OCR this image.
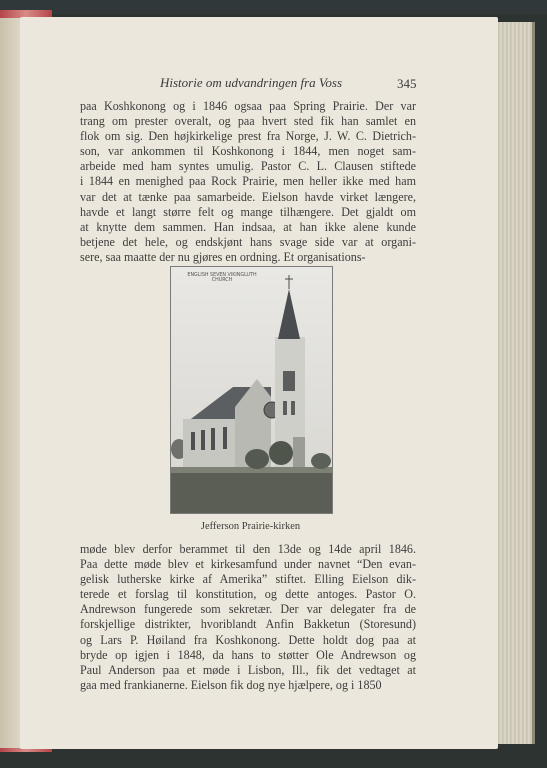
Historie om udvandringen fra Voss	345

paa Koshkonong og i 1846 ogsaa paa Spring Prairie. Der var
trang om prester overalt, og paa hvert sted fik han samlet en
flok om sig. Den højkirkelige prest fra Norge, J. W. C. Dietrich-
son, var ankommen til Koshkonong i 1844, men noget sam-
arbeide med ham syntes umulig. Pastor C. L. Clausen stiftede
i 1844 en menighed paa Rock Prairie, men heller ikke med ham
var det at tænke paa samarbeide. Eielson havde virket længere,
havde et langt større felt og mange tilhængere. Det gjaldt om
at knytte dem sammen. Han indsaa, at han ikke alene kunde
betjene det hele, og endskjønt hans svage side var at organi-
sere, saa maatte der nu gjøres en ordning. Et organisations-

ENGLISH SEVEN VIKINGLUTH CHURCH
Jefferson Prairie-kirken

møde blev derfor berammet til den 13de og 14de april 1846.
Paa dette møde blev et kirkesamfund under navnet “Den evan-
gelisk lutherske kirke af Amerika” stiftet. Elling Eielson dik-
terede et forslag til konstitution, og dette antoges. Pastor O.
Andrewson fungerede som sekretær. Der var delegater fra de
forskjellige distrikter, hvoriblandt Anfin Bakketun (Storesund)
og Lars P. Høiland fra Koshkonong. Dette holdt dog paa at
bryde op igjen i 1848, da hans to støtter Ole Andrewson og
Paul Anderson paa et møde i Lisbon, Ill., fik det vedtaget at
gaa med frankianerne. Eielson fik dog nye hjælpere, og i 1850
